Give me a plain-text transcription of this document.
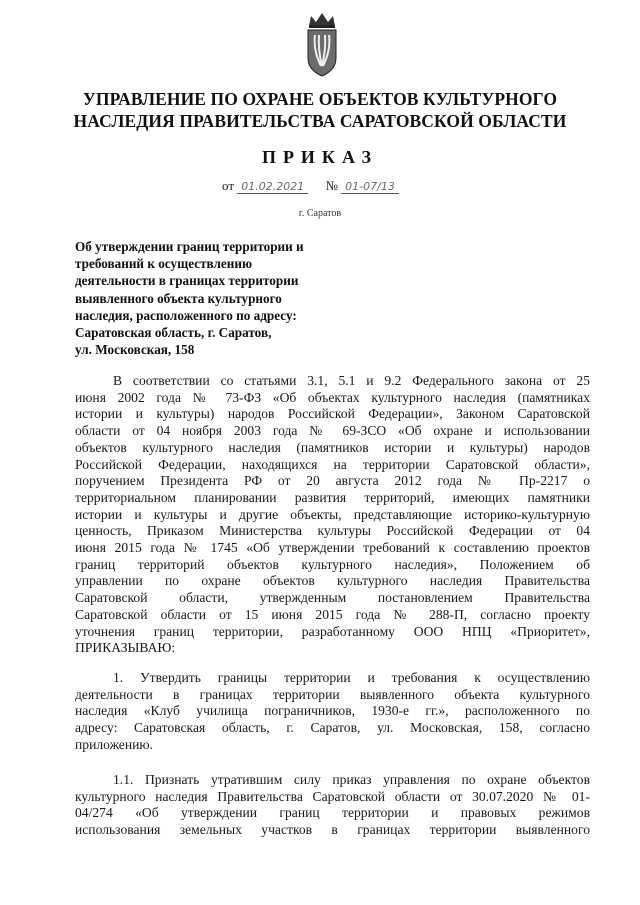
УПРАВЛЕНИЕ ПО ОХРАНЕ ОБЪЕКТОВ КУЛЬТУРНОГО
НАСЛЕДИЯ ПРАВИТЕЛЬСТВА САРАТОВСКОЙ ОБЛАСТИ
ПРИКАЗ
от 01.02.2021 № 01-07/13
г. Саратов
Об утверждении границ территории и
требований к осуществлению
деятельности в границах территории
выявленного объекта культурного
наследия, расположенного по адресу:
Саратовская область, г. Саратов,
ул. Московская, 158
В соответствии со статьями 3.1, 5.1 и 9.2 Федерального закона от 25
июня 2002 года № 73-ФЗ «Об объектах культурного наследия (памятниках
истории и культуры) народов Российской Федерации», Законом Саратовской
области от 04 ноября 2003 года № 69-ЗСО «Об охране и использовании
объектов культурного наследия (памятников истории и культуры) народов
Российской Федерации, находящихся на территории Саратовской области»,
поручением Президента РФ от 20 августа 2012 года № Пр-2217 о
территориальном планировании развития территорий, имеющих памятники
истории и культуры и другие объекты, представляющие историко-культурную
ценность, Приказом Министерства культуры Российской Федерации от 04
июня 2015 года № 1745 «Об утверждении требований к составлению проектов
границ территорий объектов культурного наследия», Положением об
управлении по охране объектов культурного наследия Правительства
Саратовской области, утвержденным постановлением Правительства
Саратовской области от 15 июня 2015 года № 288-П, согласно проекту
уточнения границ территории, разработанному ООО НПЦ «Приоритет»,
ПРИКАЗЫВАЮ:
1. Утвердить границы территории и требования к осуществлению
деятельности в границах территории выявленного объекта культурного
наследия «Клуб училища пограничников, 1930-е гг.», расположенного по
адресу: Саратовская область, г. Саратов, ул. Московская, 158, согласно
приложению.
1.1. Признать утратившим силу приказ управления по охране объектов
культурного наследия Правительства Саратовской области от 30.07.2020 № 01-
04/274 «Об утверждении границ территории и правовых режимов
использования земельных участков в границах территории выявленного
